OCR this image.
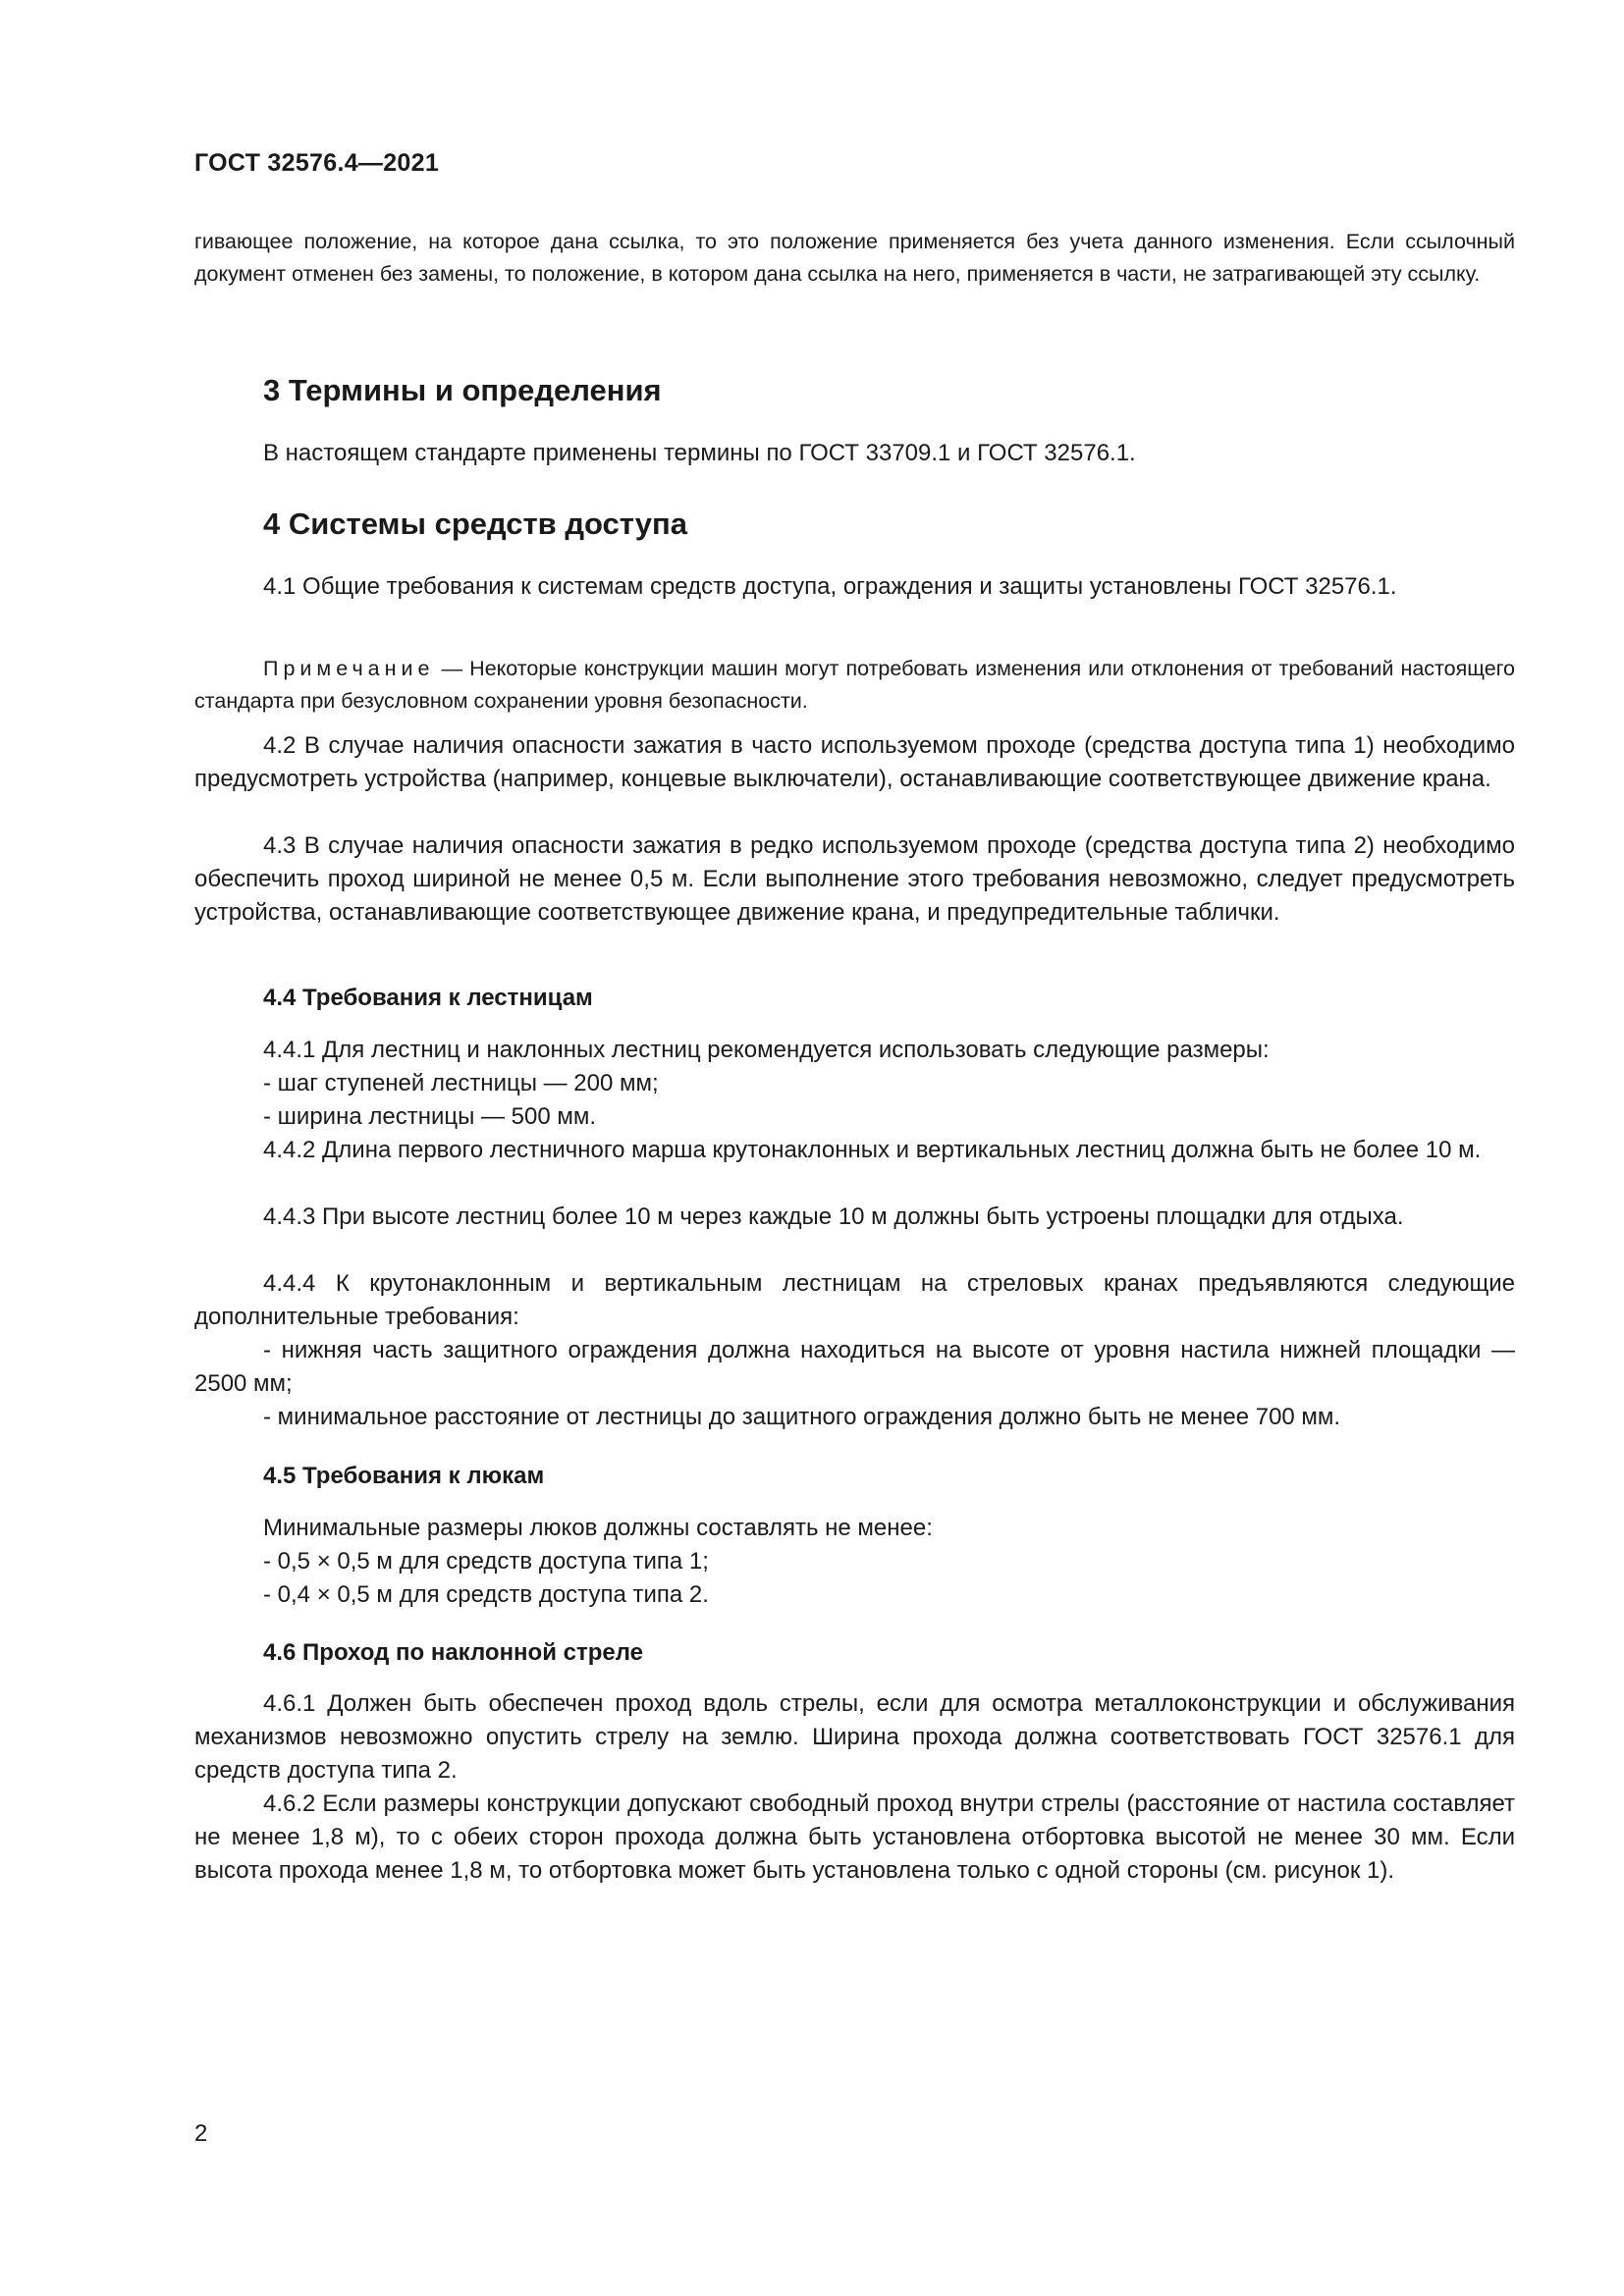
ГОСТ 32576.4—2021

гивающее положение, на которое дана ссылка, то это положение применяется без учета данного изменения. Если ссылочный документ отменен без замены, то положение, в котором дана ссылка на него, применяется в части, не затрагивающей эту ссылку.

3 Термины и определения

В настоящем стандарте применены термины по ГОСТ 33709.1 и ГОСТ 32576.1.

4 Системы средств доступа

4.1 Общие требования к системам средств доступа, ограждения и защиты установлены ГОСТ 32576.1.

Примечание — Некоторые конструкции машин могут потребовать изменения или отклонения от требований настоящего стандарта при безусловном сохранении уровня безопасности.

4.2 В случае наличия опасности зажатия в часто используемом проходе (средства доступа типа 1) необходимо предусмотреть устройства (например, концевые выключатели), останавливающие соответствующее движение крана.

4.3 В случае наличия опасности зажатия в редко используемом проходе (средства доступа типа 2) необходимо обеспечить проход шириной не менее 0,5 м. Если выполнение этого требования невозможно, следует предусмотреть устройства, останавливающие соответствующее движение крана, и предупредительные таблички.

4.4 Требования к лестницам

4.4.1 Для лестниц и наклонных лестниц рекомендуется использовать следующие размеры:

- шаг ступеней лестницы — 200 мм;

- ширина лестницы — 500 мм.

4.4.2 Длина первого лестничного марша крутонаклонных и вертикальных лестниц должна быть не более 10 м.

4.4.3 При высоте лестниц более 10 м через каждые 10 м должны быть устроены площадки для отдыха.

4.4.4 К крутонаклонным и вертикальным лестницам на стреловых кранах предъявляются следующие дополнительные требования:

- нижняя часть защитного ограждения должна находиться на высоте от уровня настила нижней площадки — 2500 мм;

- минимальное расстояние от лестницы до защитного ограждения должно быть не менее 700 мм.

4.5 Требования к люкам

Минимальные размеры люков должны составлять не менее:

- 0,5 × 0,5 м для средств доступа типа 1;

- 0,4 × 0,5 м для средств доступа типа 2.

4.6 Проход по наклонной стреле

4.6.1 Должен быть обеспечен проход вдоль стрелы, если для осмотра металлоконструкции и обслуживания механизмов невозможно опустить стрелу на землю. Ширина прохода должна соответствовать ГОСТ 32576.1 для средств доступа типа 2.

4.6.2 Если размеры конструкции допускают свободный проход внутри стрелы (расстояние от настила составляет не менее 1,8 м), то с обеих сторон прохода должна быть установлена отбортовка высотой не менее 30 мм. Если высота прохода менее 1,8 м, то отбортовка может быть установлена только с одной стороны (см. рисунок 1).

2
